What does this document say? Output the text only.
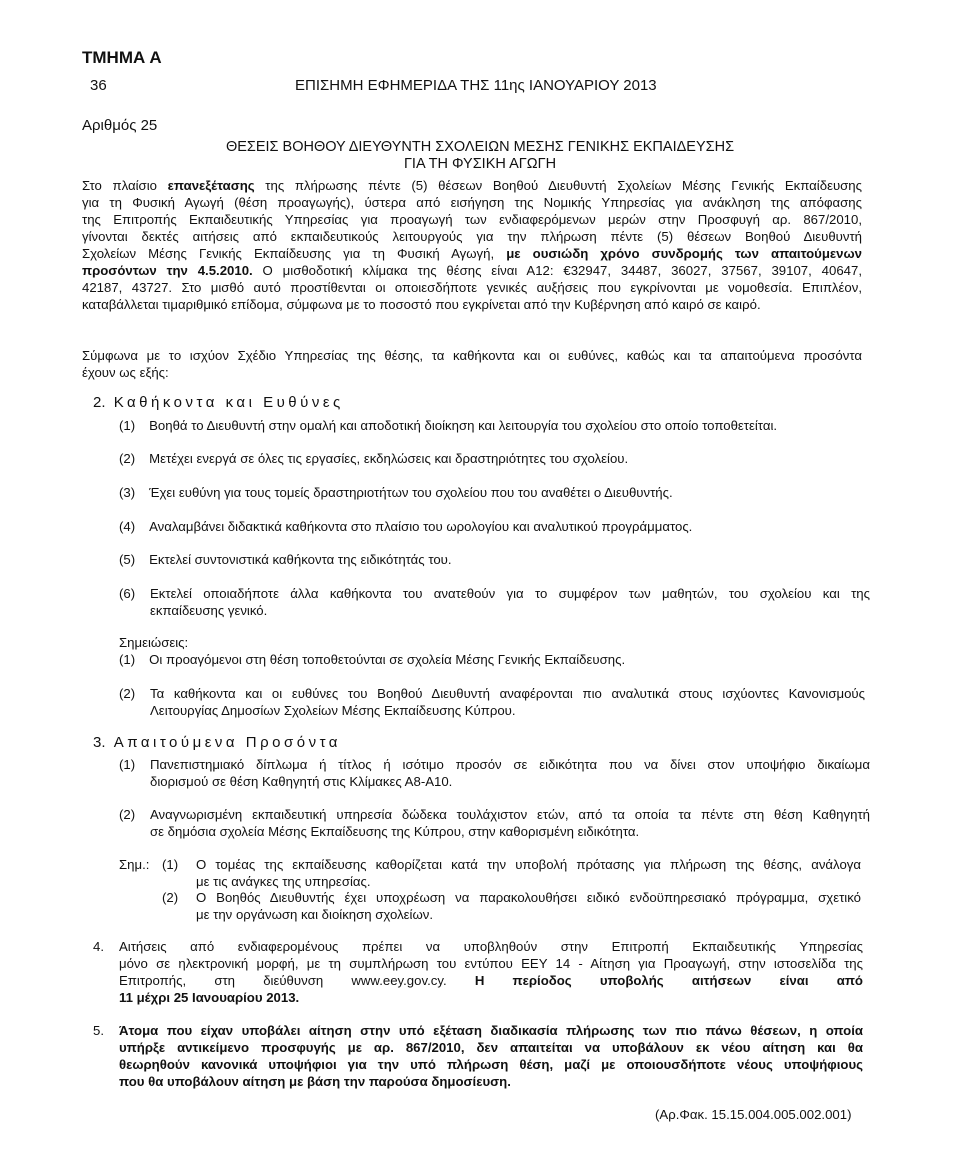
ΤΜΗΜΑ Α
36	ΕΠΙΣΗΜΗ ΕΦΗΜΕΡΙΔΑ ΤΗΣ 11ης ΙΑΝΟΥΑΡΙΟΥ 2013
Αριθμός 25
ΘΕΣΕΙΣ ΒΟΗΘΟΥ ΔΙΕΥΘΥΝΤΗ ΣΧΟΛΕΙΩΝ ΜΕΣΗΣ ΓΕΝΙΚΗΣ ΕΚΠΑΙΔΕΥΣΗΣ
ΓΙΑ ΤΗ ΦΥΣΙΚΗ ΑΓΩΓΗ
Στο πλαίσιο επανεξέτασης της πλήρωσης πέντε (5) θέσεων Βοηθού Διευθυντή Σχολείων Μέσης Γενικής Εκπαίδευσης
για τη Φυσική Αγωγή (θέση προαγωγής), ύστερα από εισήγηση της Νομικής Υπηρεσίας για ανάκληση της απόφασης
της Επιτροπής Εκπαιδευτικής Υπηρεσίας για προαγωγή των ενδιαφερόμενων μερών στην Προσφυγή αρ. 867/2010,
γίνονται δεκτές αιτήσεις από εκπαιδευτικούς λειτουργούς για την πλήρωση πέντε (5) θέσεων Βοηθού Διευθυντή
Σχολείων Μέσης Γενικής Εκπαίδευσης για τη Φυσική Αγωγή, με ουσιώδη χρόνο συνδρομής των απαιτούμενων
προσόντων την 4.5.2010. Ο μισθοδοτική κλίμακα της θέσης είναι Α12: €32947, 34487, 36027, 37567, 39107, 40647,
42187, 43727. Στο μισθό αυτό προστίθενται οι οποιεσδήποτε γενικές αυξήσεις που εγκρίνονται με νομοθεσία. Επιπλέον,
καταβάλλεται τιμαριθμικό επίδομα, σύμφωνα με το ποσοστό που εγκρίνεται από την Κυβέρνηση από καιρό σε καιρό.
Σύμφωνα με το ισχύον Σχέδιο Υπηρεσίας της θέσης, τα καθήκοντα και οι ευθύνες, καθώς και τα απαιτούμενα προσόντα
έχουν ως εξής:
2. Καθήκοντα και Ευθύνες
(1) Βοηθά το Διευθυντή στην ομαλή και αποδοτική διοίκηση και λειτουργία του σχολείου στο οποίο τοποθετείται.
(2) Μετέχει ενεργά σε όλες τις εργασίες, εκδηλώσεις και δραστηριότητες του σχολείου.
(3) Έχει ευθύνη για τους τομείς δραστηριοτήτων του σχολείου που του αναθέτει ο Διευθυντής.
(4) Αναλαμβάνει διδακτικά καθήκοντα στο πλαίσιο του ωρολογίου και αναλυτικού προγράμματος.
(5) Εκτελεί συντονιστικά καθήκοντα της ειδικότητάς του.
(6) Εκτελεί οποιαδήποτε άλλα καθήκοντα του ανατεθούν για το συμφέρον των μαθητών, του σχολείου και της
εκπαίδευσης γενικό.
Σημειώσεις:
(1) Οι προαγόμενοι στη θέση τοποθετούνται σε σχολεία Μέσης Γενικής Εκπαίδευσης.
(2) Τα καθήκοντα και οι ευθύνες του Βοηθού Διευθυντή αναφέρονται πιο αναλυτικά στους ισχύοντες Κανονισμούς
Λειτουργίας Δημοσίων Σχολείων Μέσης Εκπαίδευσης Κύπρου.
3. Απαιτούμενα Προσόντα
(1) Πανεπιστημιακό δίπλωμα ή τίτλος ή ισότιμο προσόν σε ειδικότητα που να δίνει στον υποψήφιο δικαίωμα
διορισμού σε θέση Καθηγητή στις Κλίμακες Α8-Α10.
(2) Αναγνωρισμένη εκπαιδευτική υπηρεσία δώδεκα τουλάχιστον ετών, από τα οποία τα πέντε στη θέση Καθηγητή
σε δημόσια σχολεία Μέσης Εκπαίδευσης της Κύπρου, στην καθορισμένη ειδικότητα.
Σημ.: (1) Ο τομέας της εκπαίδευσης καθορίζεται κατά την υποβολή πρότασης για πλήρωση της θέσης, ανάλογα
με τις ανάγκες της υπηρεσίας.
(2) Ο Βοηθός Διευθυντής έχει υποχρέωση να παρακολουθήσει ειδικό ενδοϋπηρεσιακό πρόγραμμα, σχετικό
με την οργάνωση και διοίκηση σχολείων.
4. Αιτήσεις από ενδιαφερομένους πρέπει να υποβληθούν στην Επιτροπή Εκπαιδευτικής Υπηρεσίας
μόνο σε ηλεκτρονική μορφή, με τη συμπλήρωση του εντύπου ΕΕΥ 14 - Αίτηση για Προαγωγή, στην ιστοσελίδα της
Επιτροπής, στη διεύθυνση www.eey.gov.cy. Η περίοδος υποβολής αιτήσεων είναι από
11 μέχρι 25 Ιανουαρίου 2013.
5. Άτομα που είχαν υποβάλει αίτηση στην υπό εξέταση διαδικασία πλήρωσης των πιο πάνω θέσεων, η οποία
υπήρξε αντικείμενο προσφυγής με αρ. 867/2010, δεν απαιτείται να υποβάλουν εκ νέου αίτηση και θα
θεωρηθούν κανονικά υποψήφιοι για την υπό πλήρωση θέση, μαζί με οποιουσδήποτε νέους υποψήφιους
που θα υποβάλουν αίτηση με βάση την παρούσα δημοσίευση.
(Αρ.Φακ. 15.15.004.005.002.001)
